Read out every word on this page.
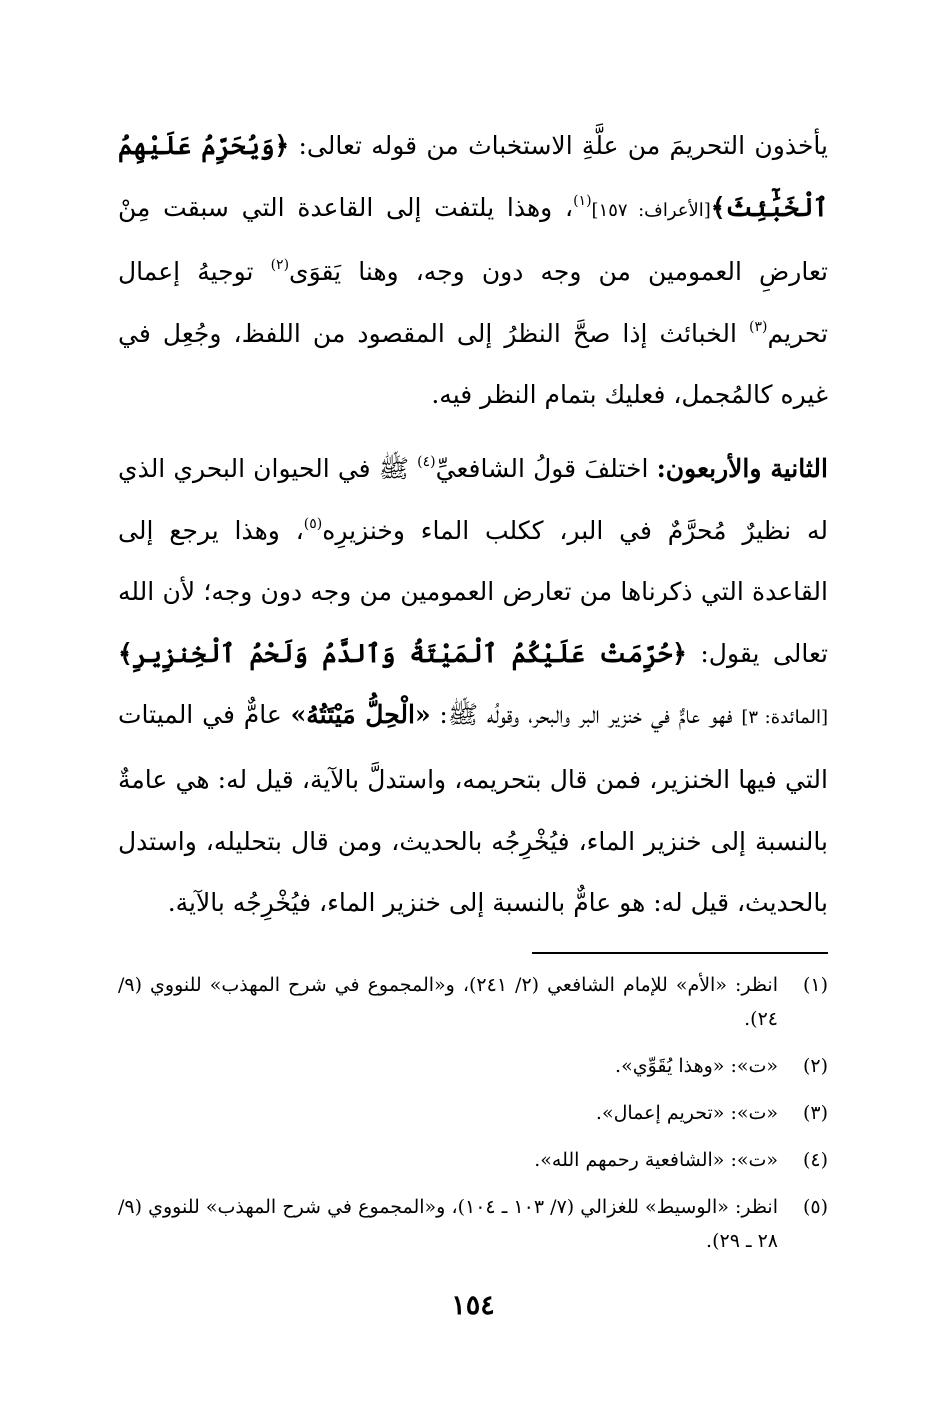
يأخذون التحريمَ من علَّةِ الاستخباث من قوله تعالى: ﴿وَيُحَرِّمُ عَلَيْهِمُ ٱلْخَبَٰٓئِثَ﴾[الأعراف: ١٥٧]$^{(١)}$، وهذا يلتفت إلى القاعدة التي سبقت مِنْ تعارضِ العمومين من وجه دون وجه، وهنا يَقوَى$^{(٢)}$ توجيهُ إعمال تحريم$^{(٣)}$ الخبائث إذا صحَّ النظرُ إلى المقصود من اللفظ، وجُعِل في غيره كالمُجمل، فعليك بتمام النظر فيه.

الثانية والأربعون: اختلفَ قولُ الشافعيِّ$^{(٤)}$ ﷺ في الحيوان البحري الذي له نظيرٌ مُحرَّمٌ في البر، ككلب الماء وخنزيرِه$^{(٥)}$، وهذا يرجع إلى القاعدة التي ذكرناها من تعارض العمومين من وجه دون وجه؛ لأن الله تعالى يقول: ﴿حُرِّمَتْ عَلَيْكُمُ ٱلْمَيْتَةُ وَٱلدَّمُ وَلَحْمُ ٱلْخِنزِيرِ﴾[المائدة: ٣] فهو عامٌّ في خنزير البر والبحر، وقولُه ﷺ: «الْحِلُّ مَيْتَتُهُ» عامٌّ في الميتات التي فيها الخنزير، فمن قال بتحريمه، واستدلَّ بالآية، قيل له: هي عامةٌ بالنسبة إلى خنزير الماء، فيُخْرِجُه بالحديث، ومن قال بتحليله، واستدل بالحديث، قيل له: هو عامٌّ بالنسبة إلى خنزير الماء، فيُخْرِجُه بالآية.

(١)
انظر: «الأم» للإمام الشافعي (٢/ ٢٤١)، و«المجموع في شرح المهذب» للنووي (٩/ ٢٤).
(٢)
«ت»: «وهذا يُقَوِّي».
(٣)
«ت»: «تحريم إعمال».
(٤)
«ت»: «الشافعية رحمهم الله».
(٥)
انظر: «الوسيط» للغزالي (٧/ ١٠٣ ـ ١٠٤)، و«المجموع في شرح المهذب» للنووي (٩/ ٢٨ ـ ٢٩).
١٥٤
